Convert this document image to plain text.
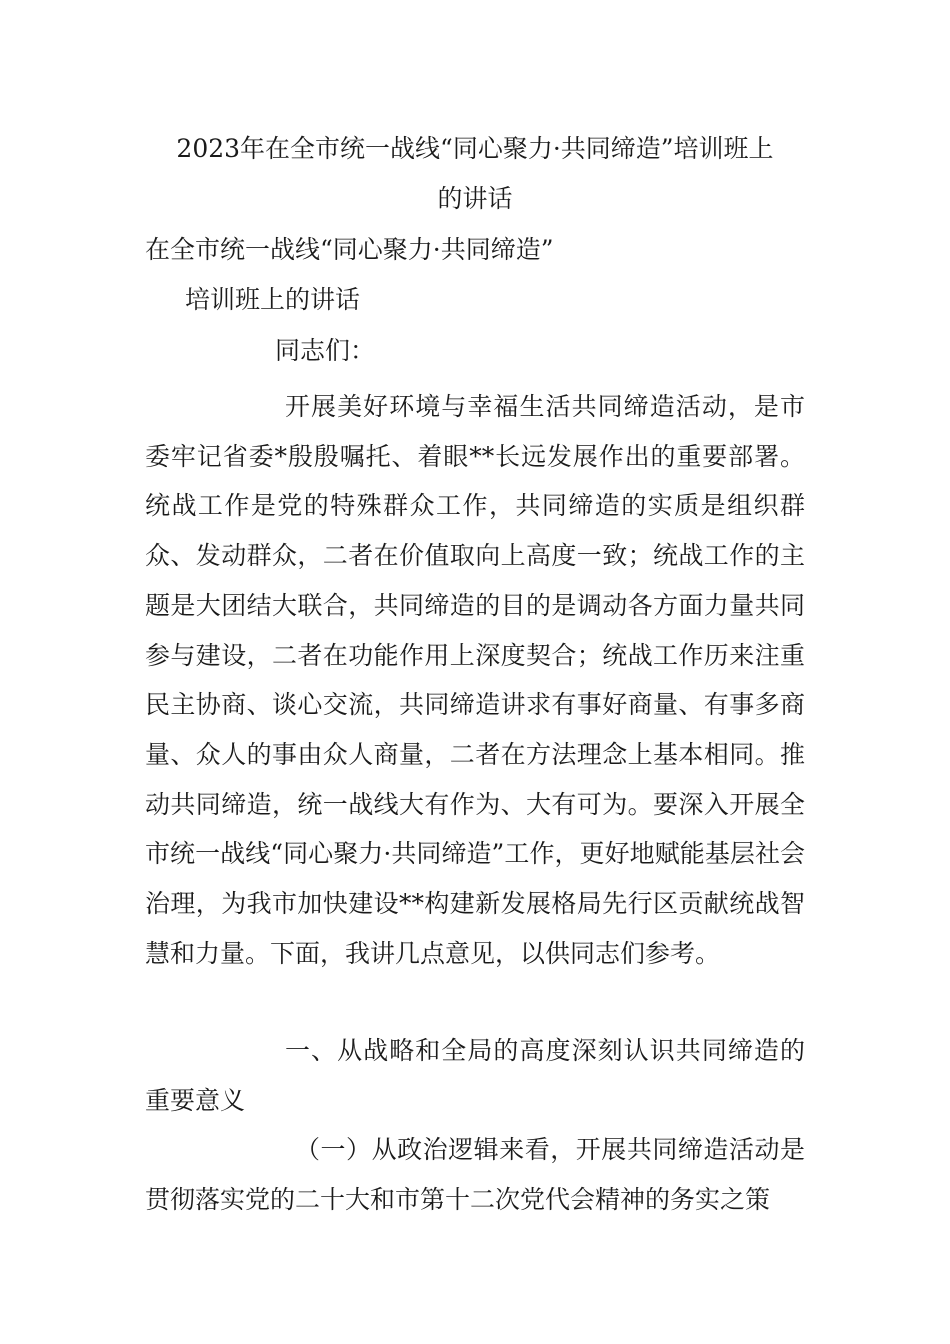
2023年在全市统一战线“同心聚力·共同缔造”培训班上
的讲话
在全市统一战线“同心聚力·共同缔造”
培训班上的讲话
同志们：

开展美好环境与幸福生活共同缔造活动，是市委牢记省委*殷殷嘱托、着眼**长远发展作出的重要部署。统战工作是党的特殊群众工作，共同缔造的实质是组织群众、发动群众，二者在价值取向上高度一致；统战工作的主题是大团结大联合，共同缔造的目的是调动各方面力量共同参与建设，二者在功能作用上深度契合；统战工作历来注重民主协商、谈心交流，共同缔造讲求有事好商量、有事多商量、众人的事由众人商量，二者在方法理念上基本相同。推动共同缔造，统一战线大有作为、大有可为。要深入开展全市统一战线“同心聚力·共同缔造”工作，更好地赋能基层社会治理，为我市加快建设**构建新发展格局先行区贡献统战智慧和力量。下面，我讲几点意见，以供同志们参考。

一、从战略和全局的高度深刻认识共同缔造的重要意义

（一）从政治逻辑来看，开展共同缔造活动是贯彻落实党的二十大和市第十二次党代会精神的务实之策
